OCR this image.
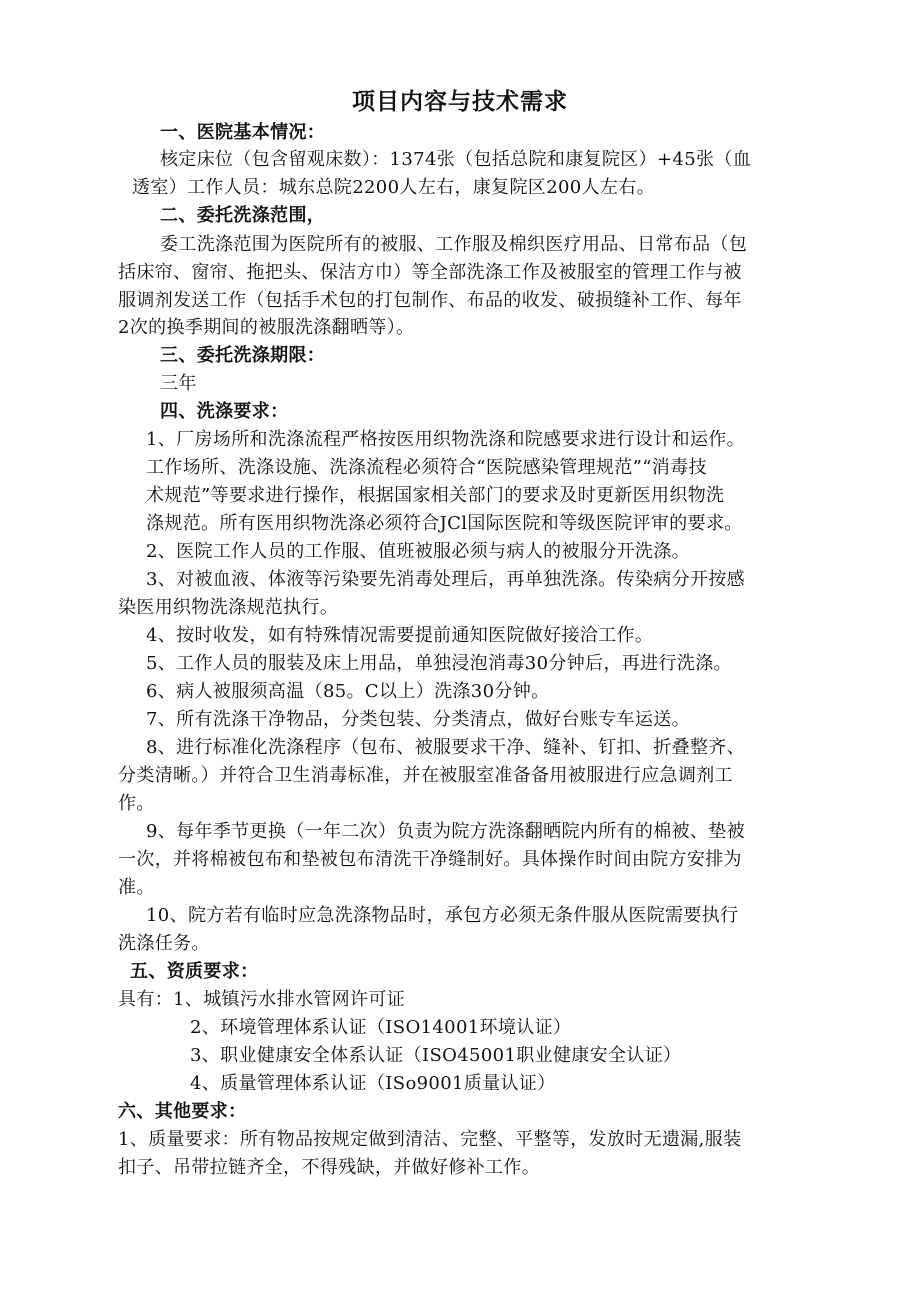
项目内容与技术需求
一、医院基本情况：
核定床位（包含留观床数）：1374张（包括总院和康复院区）+45张（血
透室）工作人员：城东总院2200人左右，康复院区200人左右。
二、委托洗涤范围，
委工洗涤范围为医院所有的被服、工作服及棉织医疗用品、日常布品（包
括床帘、窗帘、拖把头、保洁方巾）等全部洗涤工作及被服室的管理工作与被
服调剂发送工作（包括手术包的打包制作、布品的收发、破损缝补工作、每年
2次的换季期间的被服洗涤翻晒等）。
三、委托洗涤期限：
三年
四、洗涤要求：
1、厂房场所和洗涤流程严格按医用织物洗涤和院感要求进行设计和运作。
工作场所、洗涤设施、洗涤流程必须符合“医院感染管理规范”“消毒技
术规范”等要求进行操作，根据国家相关部门的要求及时更新医用织物洗
涤规范。所有医用织物洗涤必须符合JCl国际医院和等级医院评审的要求。
2、医院工作人员的工作服、值班被服必须与病人的被服分开洗涤。
3、对被血液、体液等污染要先消毒处理后，再单独洗涤。传染病分开按感
染医用织物洗涤规范执行。
4、按时收发，如有特殊情况需要提前通知医院做好接洽工作。
5、工作人员的服装及床上用品，单独浸泡消毒30分钟后，再进行洗涤。
6、病人被服须高温（85。C以上）洗涤30分钟。
7、所有洗涤干净物品，分类包装、分类清点，做好台账专车运送。
8、进行标准化洗涤程序（包布、被服要求干净、缝补、钉扣、折叠整齐、
分类清晰。）并符合卫生消毒标准，并在被服室准备备用被服进行应急调剂工
作。
9、每年季节更换（一年二次）负责为院方洗涤翻晒院内所有的棉被、垫被
一次，并将棉被包布和垫被包布清洗干净缝制好。具体操作时间由院方安排为
准。
10、院方若有临时应急洗涤物品时，承包方必须无条件服从医院需要执行
洗涤任务。
五、资质要求：
具有：1、城镇污水排水管网许可证
2、环境管理体系认证（ISO14001环境认证）
3、职业健康安全体系认证（ISO45001职业健康安全认证）
4、质量管理体系认证（ISo9001质量认证）
六、其他要求：
1、质量要求：所有物品按规定做到清洁、完整、平整等，发放时无遗漏,服装
扣子、吊带拉链齐全，不得残缺，并做好修补工作。
